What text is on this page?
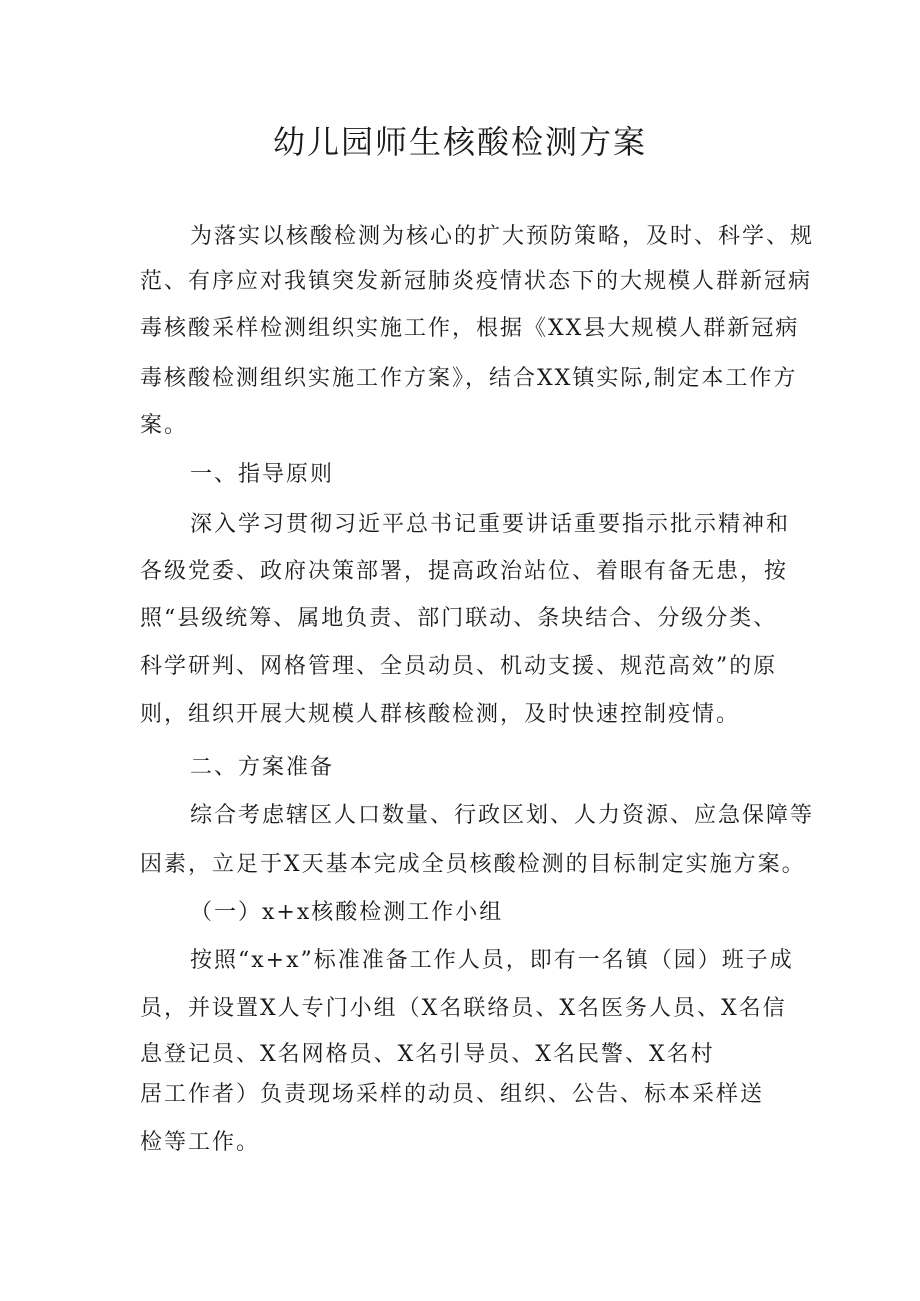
幼儿园师生核酸检测方案

为落实以核酸检测为核心的扩大预防策略，及时、科学、规

范、有序应对我镇突发新冠肺炎疫情状态下的大规模人群新冠病

毒核酸采样检测组织实施工作，根据《XX县大规模人群新冠病

毒核酸检测组织实施工作方案》，结合XX镇实际,制定本工作方

案。

一、指导原则

深入学习贯彻习近平总书记重要讲话重要指示批示精神和

各级党委、政府决策部署，提高政治站位、着眼有备无患，按

照“县级统筹、属地负责、部门联动、条块结合、分级分类、

科学研判、网格管理、全员动员、机动支援、规范高效”的原

则，组织开展大规模人群核酸检测，及时快速控制疫情。

二、方案准备

综合考虑辖区人口数量、行政区划、人力资源、应急保障等

因素，立足于X天基本完成全员核酸检测的目标制定实施方案。

（一）x+x核酸检测工作小组

按照“x+x”标准准备工作人员，即有一名镇（园）班子成

员，并设置X人专门小组（X名联络员、X名医务人员、X名信

息登记员、X名网格员、X名引导员、X名民警、X名村

居工作者）负责现场采样的动员、组织、公告、标本采样送

检等工作。
